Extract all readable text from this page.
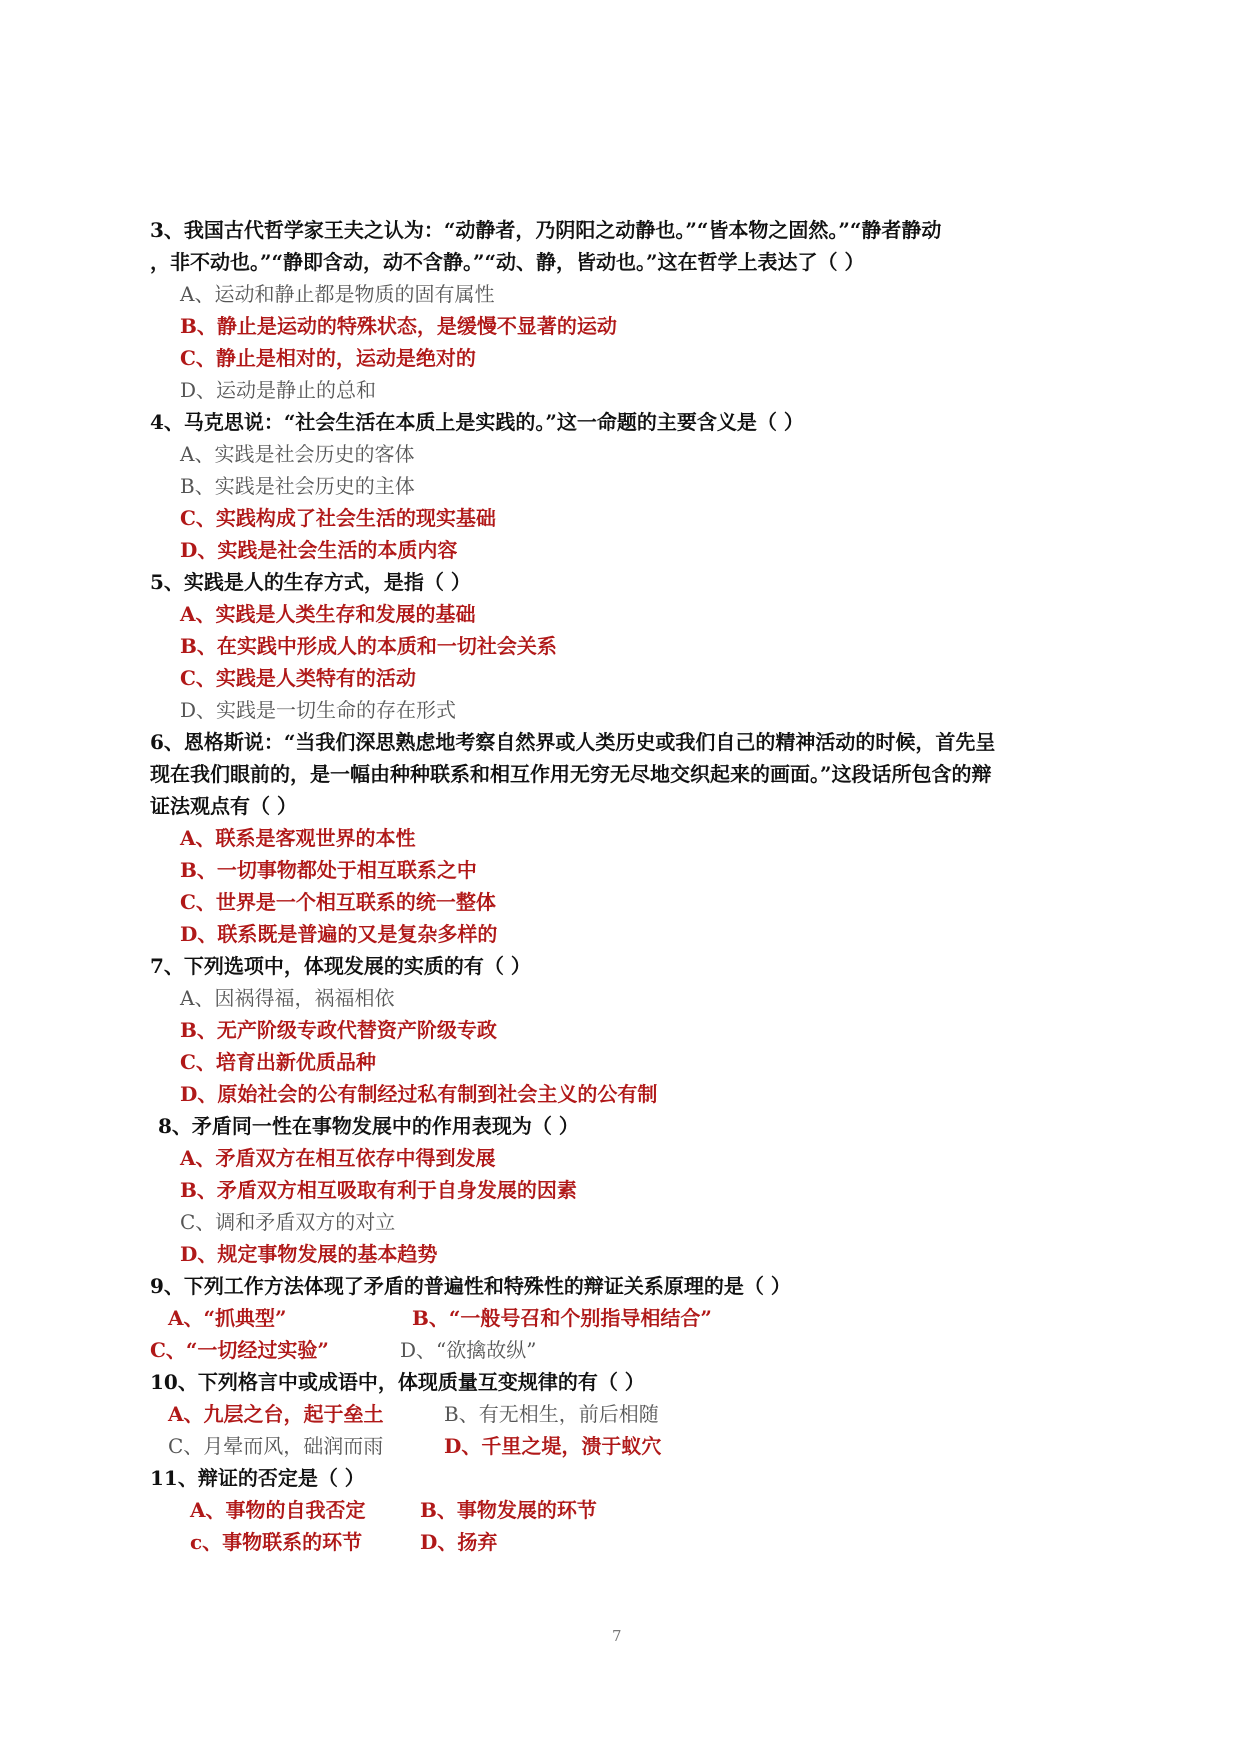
3、我国古代哲学家王夫之认为：“动静者，乃阴阳之动静也。”“皆本物之固然。”“静者静动
，非不动也。”“静即含动，动不含静。”“动、静，皆动也。”这在哲学上表达了（ ）
A、运动和静止都是物质的固有属性
B、静止是运动的特殊状态，是缓慢不显著的运动
C、静止是相对的，运动是绝对的
D、运动是静止的总和
4、马克思说：“社会生活在本质上是实践的。”这一命题的主要含义是（ ）
A、实践是社会历史的客体
B、实践是社会历史的主体
C、实践构成了社会生活的现实基础
D、实践是社会生活的本质内容
5、实践是人的生存方式，是指（ ）
A、实践是人类生存和发展的基础
B、在实践中形成人的本质和一切社会关系
C、实践是人类特有的活动
D、实践是一切生命的存在形式
6、恩格斯说：“当我们深思熟虑地考察自然界或人类历史或我们自己的精神活动的时候，首先呈
现在我们眼前的，是一幅由种种联系和相互作用无穷无尽地交织起来的画面。”这段话所包含的辩
证法观点有（ ）
A、联系是客观世界的本性
B、一切事物都处于相互联系之中
C、世界是一个相互联系的统一整体
D、联系既是普遍的又是复杂多样的
7、下列选项中，体现发展的实质的有（ ）
A、因祸得福，祸福相依
B、无产阶级专政代替资产阶级专政
C、培育出新优质品种
D、原始社会的公有制经过私有制到社会主义的公有制
8、矛盾同一性在事物发展中的作用表现为（ ）
A、矛盾双方在相互依存中得到发展
B、矛盾双方相互吸取有利于自身发展的因素
C、调和矛盾双方的对立
D、规定事物发展的基本趋势
9、下列工作方法体现了矛盾的普遍性和特殊性的辩证关系原理的是（ ）
A、“抓典型”	B、“一般号召和个别指导相结合”
C、“一切经过实验”	D、“欲擒故纵”
10、下列格言中或成语中，体现质量互变规律的有（ ）
A、九层之台，起于垒土	B、有无相生，前后相随
C、月晕而风，础润而雨	D、千里之堤，溃于蚁穴
11、辩证的否定是（ ）
A、事物的自我否定	B、事物发展的环节
c、事物联系的环节	D、扬弃
7
